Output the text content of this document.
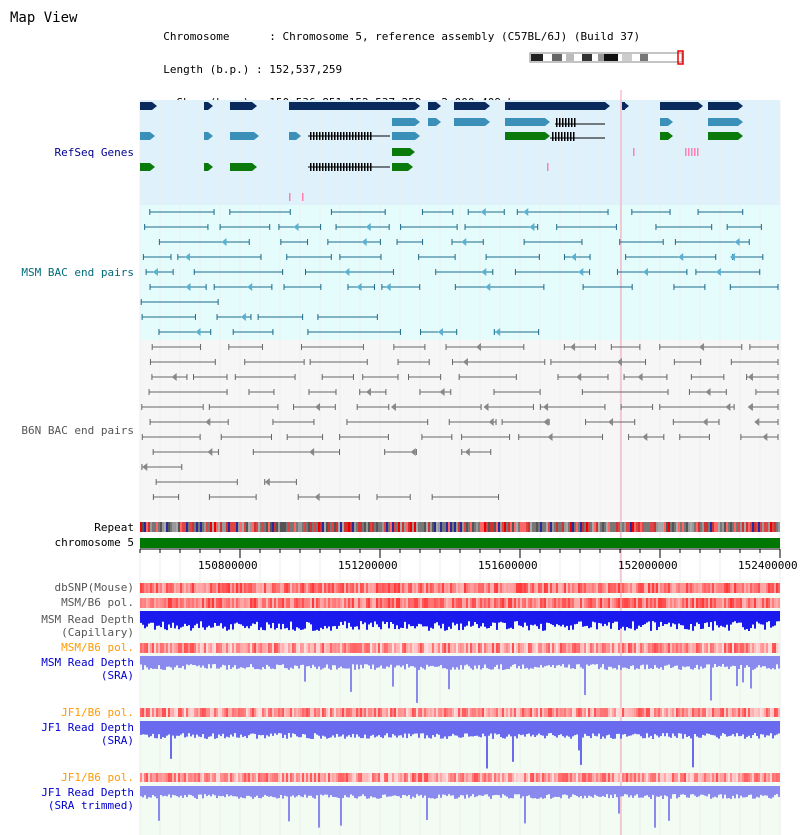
Map View

Chromosome      : Chromosome 5, reference assembly (C57BL/6J) (Build 37)

Length (b.p.) : 152,537,259

150800000	151200000	151600000	152000000	152400000
RefSeq Genes
MSM BAC end pairs
B6N BAC end pairs
Repeat
chromosome 5
dbSNP(Mouse)
MSM/B6 pol.
MSM Read Depth
(Capillary)
MSM/B6 pol.
MSM Read Depth
(SRA)
JF1/B6 pol.
JF1 Read Depth
(SRA)
JF1/B6 pol.
JF1 Read Depth
(SRA trimmed)
